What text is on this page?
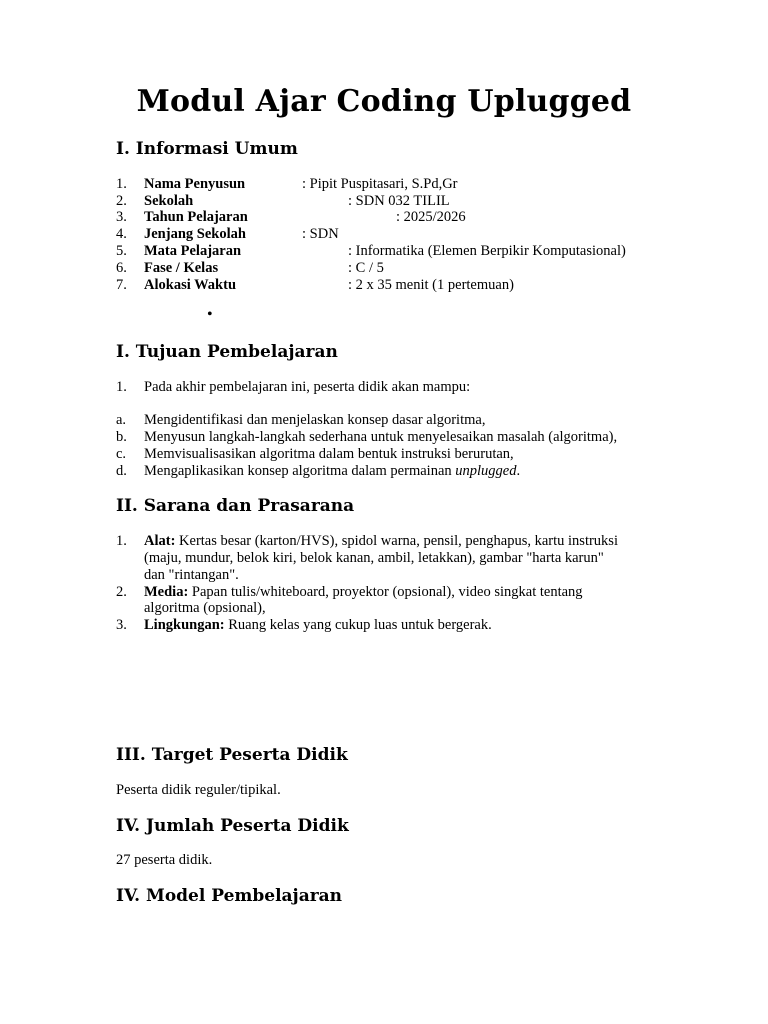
Modul Ajar Coding Uplugged
I. Informasi Umum
1. Nama Penyusun	: Pipit Puspitasari, S.Pd,Gr
2. Sekolah	: SDN 032 TILIL
3. Tahun Pelajaran	: 2025/2026
4. Jenjang Sekolah	: SDN
5. Mata Pelajaran	: Informatika (Elemen Berpikir Komputasional)
6. Fase / Kelas	: C / 5
7. Alokasi Waktu	: 2 x 35 menit (1 pertemuan)
•
I. Tujuan Pembelajaran
1. Pada akhir pembelajaran ini, peserta didik akan mampu:
a. Mengidentifikasi dan menjelaskan konsep dasar algoritma,
b. Menyusun langkah-langkah sederhana untuk menyelesaikan masalah (algoritma),
c. Memvisualisasikan algoritma dalam bentuk instruksi berurutan,
d. Mengaplikasikan konsep algoritma dalam permainan unplugged.
II. Sarana dan Prasarana
1. Alat: Kertas besar (karton/HVS), spidol warna, pensil, penghapus, kartu instruksi
(maju, mundur, belok kiri, belok kanan, ambil, letakkan), gambar "harta karun"
dan "rintangan".
2. Media: Papan tulis/whiteboard, proyektor (opsional), video singkat tentang
algoritma (opsional),
3. Lingkungan: Ruang kelas yang cukup luas untuk bergerak.
III. Target Peserta Didik
Peserta didik reguler/tipikal.
IV. Jumlah Peserta Didik
27 peserta didik.
IV. Model Pembelajaran
